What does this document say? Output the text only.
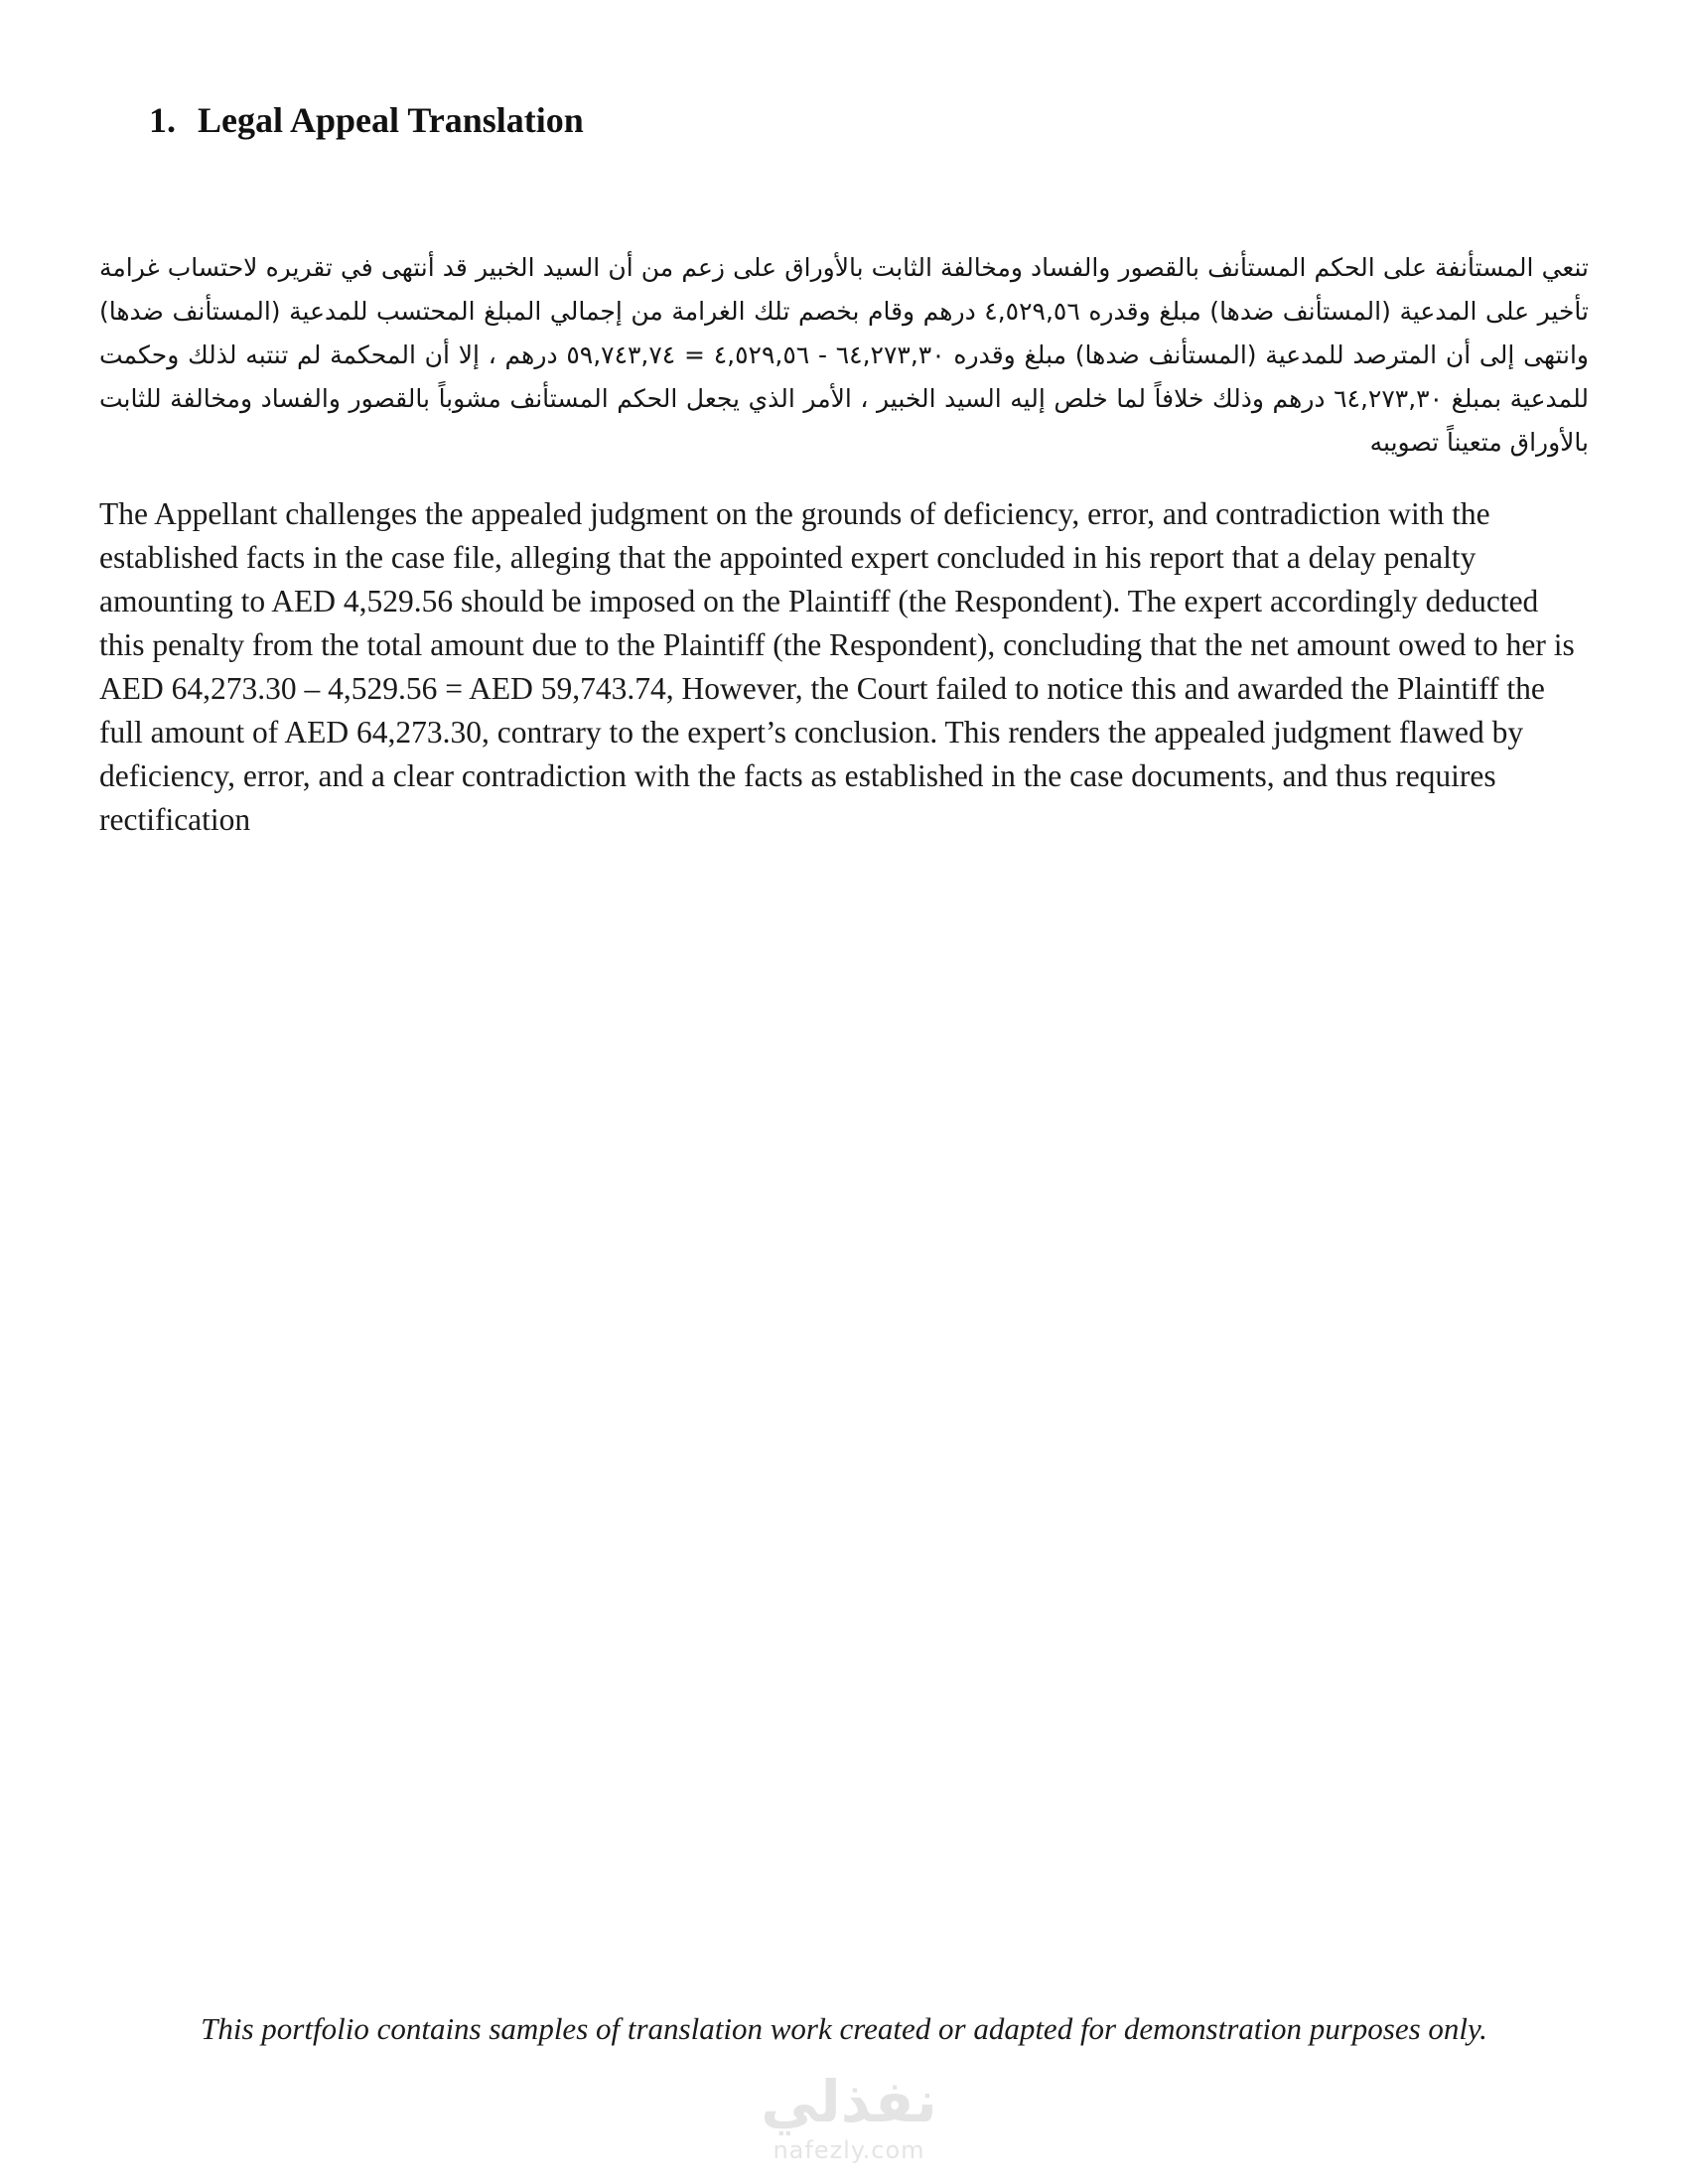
1. Legal Appeal Translation

تنعي المستأنفة على الحكم المستأنف بالقصور والفساد ومخالفة الثابت بالأوراق على زعم من أن السيد الخبير قد أنتهى في تقريره لاحتساب غرامة تأخير على المدعية (المستأنف ضدها) مبلغ وقدره ٤,٥٢٩,٥٦ درهم وقام بخصم تلك الغرامة من إجمالي المبلغ المحتسب للمدعية (المستأنف ضدها) وانتهى إلى أن المترصد للمدعية (المستأنف ضدها) مبلغ وقدره ٦٤,٢٧٣,٣٠ - ٤,٥٢٩,٥٦ = ٥٩,٧٤٣,٧٤ درهم ، إلا أن المحكمة لم تنتبه لذلك وحكمت للمدعية بمبلغ ٦٤,٢٧٣,٣٠ درهم وذلك خلافاً لما خلص إليه السيد الخبير ، الأمر الذي يجعل الحكم المستأنف مشوباً بالقصور والفساد ومخالفة للثابت بالأوراق متعيناً تصويبه

The Appellant challenges the appealed judgment on the grounds of deficiency, error, and contradiction with the established facts in the case file, alleging that the appointed expert concluded in his report that a delay penalty amounting to AED 4,529.56 should be imposed on the Plaintiff (the Respondent). The expert accordingly deducted this penalty from the total amount due to the Plaintiff (the Respondent), concluding that the net amount owed to her is AED 64,273.30 – 4,529.56 = AED 59,743.74, However, the Court failed to notice this and awarded the Plaintiff the full amount of AED 64,273.30, contrary to the expert’s conclusion. This renders the appealed judgment flawed by deficiency, error, and a clear contradiction with the facts as established in the case documents, and thus requires rectification

This portfolio contains samples of translation work created or adapted for demonstration purposes only.

نفذلي
nafezly.com
